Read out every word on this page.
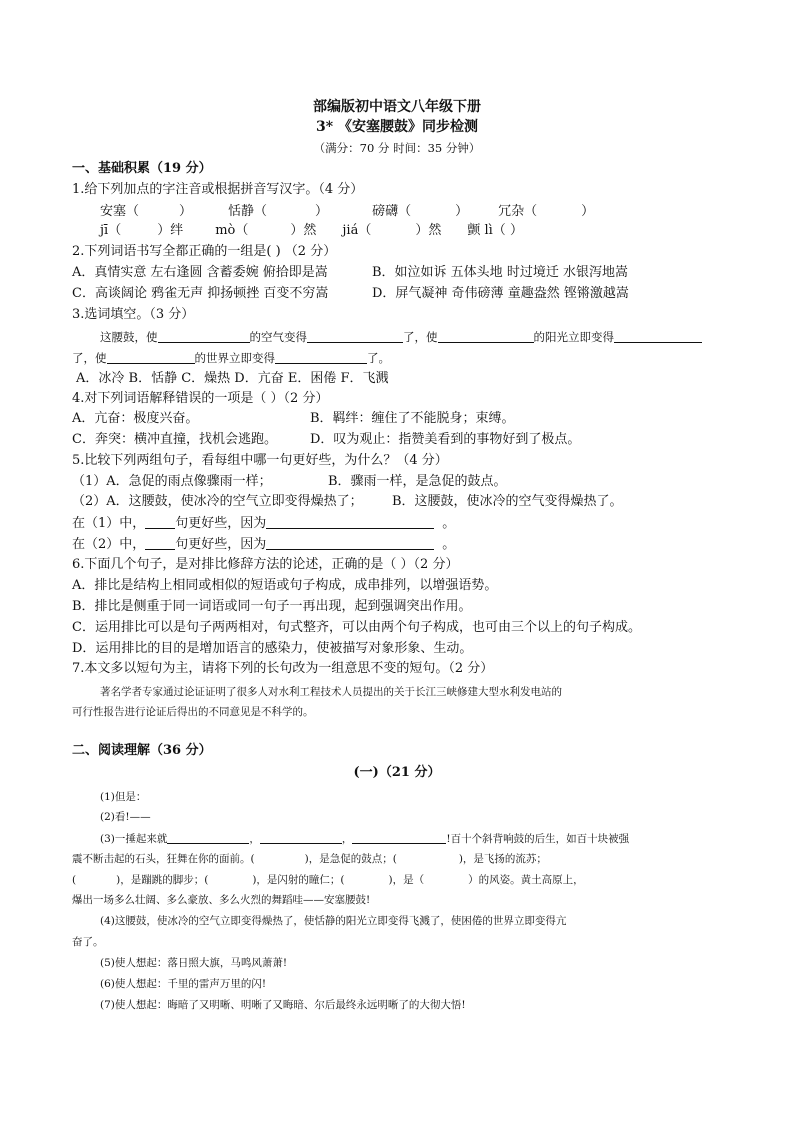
部编版初中语文八年级下册
3* 《安塞腰鼓》同步检测
（满分：70 分 时间：35 分钟）
一、基础积累（19 分）
1.给下列加点的字注音或根据拼音写汉字。（4 分）
安塞（	）	恬静（	）	磅礴（	） 冗杂（	）
jī（	）绊 mò（	）然 jiá（	）然 颤 lì（ ）
2.下列词语书写全都正确的一组是( ) （2 分）
A．真情实意 左右逢圆 含蓄委婉 俯拾即是嵩	B．如泣如诉 五体头地 时过境迁 水银泻地嵩
C．高谈阔论 鸦雀无声 抑扬顿挫 百变不穷嵩	D．屏气凝神 奇伟磅薄 童趣盎然 铿锵激越嵩
3.选词填空。（3 分）
这腰鼓，使	的空气变得	了，使	的阳光立即变得
了，使	的世界立即变得	了。
A．冰冷 B．恬静 C．燥热 D．亢奋 E．困倦 F．飞溅
4.对下列词语解释错误的一项是（ ）（2 分）
A．亢奋：极度兴奋。	B．羁绊：缠住了不能脱身；束缚。
C．奔突：横冲直撞，找机会逃跑。	D．叹为观止：指赞美看到的事物好到了极点。
5.比较下列两组句子，看每组中哪一句更好些，为什么？（4 分）
（1）A．急促的雨点像骤雨一样；	B．骤雨一样，是急促的鼓点。
（2）A．这腰鼓，使冰冷的空气立即变得燥热了； B．这腰鼓，使冰冷的空气变得燥热了。
在（1）中， 句更好些，因为	。
在（2）中， 句更好些，因为	。
6.下面几个句子，是对排比修辞方法的论述，正确的是（ ）（2 分）
A．排比是结构上相同或相似的短语或句子构成，成串排列，以增强语势。
B．排比是侧重于同一词语或同一句子一再出现，起到强调突出作用。
C．运用排比可以是句子两两相对，句式整齐，可以由两个句子构成，也可由三个以上的句子构成。
D．运用排比的目的是增加语言的感染力，使被描写对象形象、生动。
7.本文多以短句为主，请将下列的长句改为一组意思不变的短句。（2 分）
著名学者专家通过论证证明了很多人对水利工程技术人员提出的关于长江三峡修建大型水利发电站的
可行性报告进行论证后得出的不同意见是不科学的。
二、阅读理解（36 分）
(一)（21 分）
(1)但是：
(2)看!——
(3)一捶起来就	，	，	!百十个斜背响鼓的后生，如百十块被强
震不断击起的石头，狂舞在你的面前。(	)，是急促的鼓点；(	)，是飞扬的流苏；
(	)，是蹦跳的脚步；(	)，是闪射的瞳仁；(	)，是（	）的风姿。黄土高原上，
爆出一场多么壮阔、多么豪放、多么火烈的舞蹈哇——安塞腰鼓!
(4)这腰鼓，使冰冷的空气立即变得燥热了，使恬静的阳光立即变得飞溅了，使困倦的世界立即变得亢
奋了。
(5)使人想起：落日照大旗，马鸣风萧萧!
(6)使人想起：千里的雷声万里的闪!
(7)使人想起：晦暗了又明晰、明晰了又晦暗、尔后最终永远明晰了的大彻大悟!
